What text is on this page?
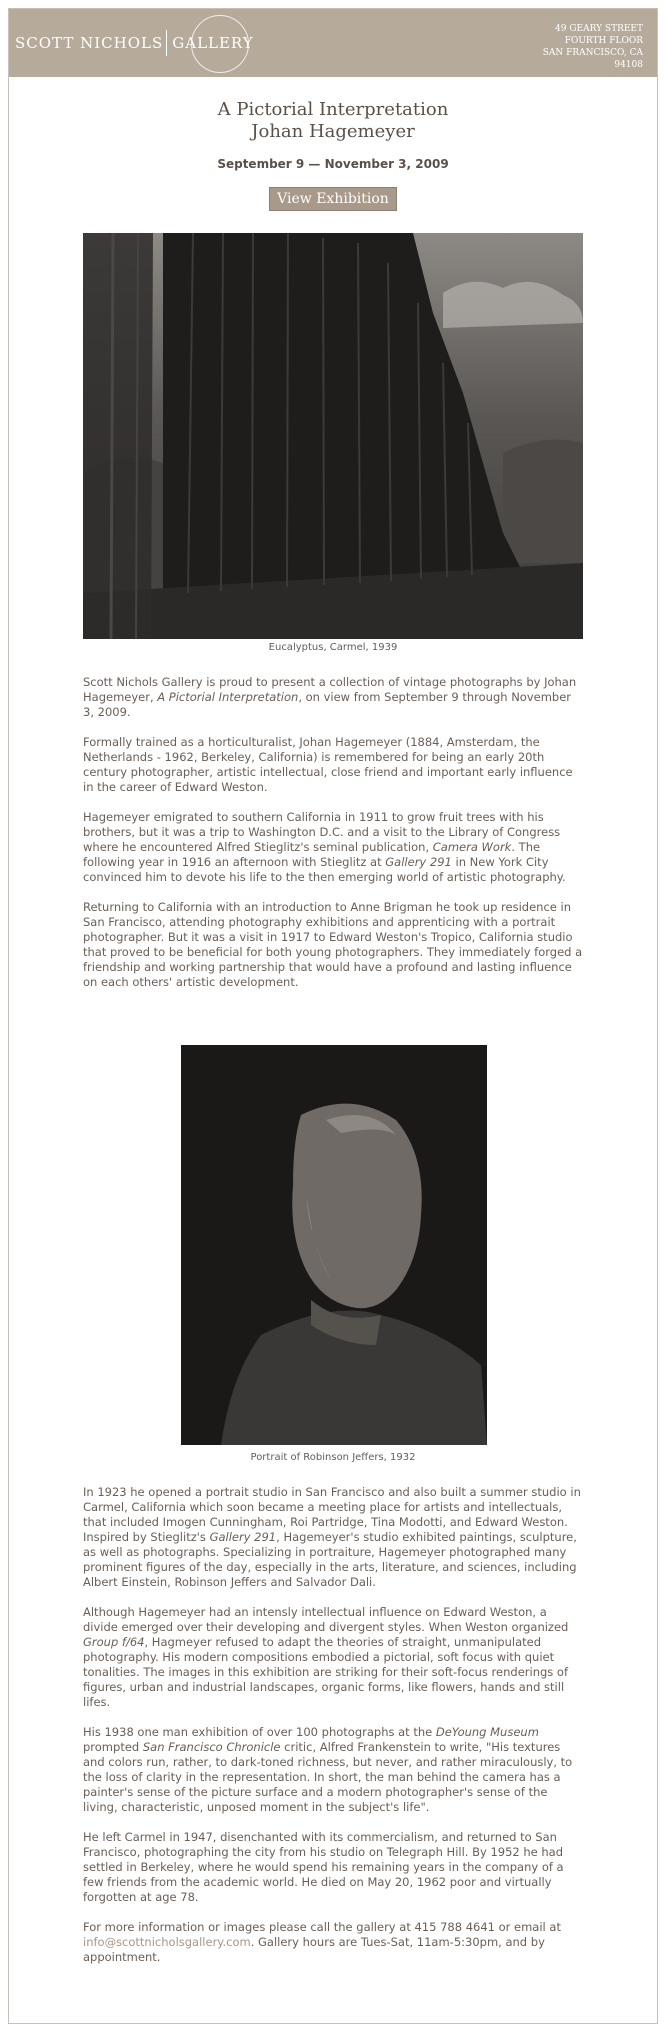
SCOTT NICHOLS GALLERY
49 GEARY STREET
FOURTH FLOOR
SAN FRANCISCO, CA
94108
A Pictorial Interpretation
Johan Hagemeyer
September 9 — November 3, 2009
View Exhibition
Eucalyptus, Carmel, 1939

Scott Nichols Gallery is proud to present a collection of vintage photographs by Johan Hagemeyer, A Pictorial Interpretation, on view from September 9 through November 3, 2009.

Formally trained as a horticulturalist, Johan Hagemeyer (1884, Amsterdam, the Netherlands - 1962, Berkeley, California) is remembered for being an early 20th century photographer, artistic intellectual, close friend and important early influence in the career of Edward Weston.

Hagemeyer emigrated to southern California in 1911 to grow fruit trees with his brothers, but it was a trip to Washington D.C. and a visit to the Library of Congress where he encountered Alfred Stieglitz's seminal publication, Camera Work. The following year in 1916 an afternoon with Stieglitz at Gallery 291 in New York City convinced him to devote his life to the then emerging world of artistic photography.

Returning to California with an introduction to Anne Brigman he took up residence in San Francisco, attending photography exhibitions and apprenticing with a portrait photographer. But it was a visit in 1917 to Edward Weston's Tropico, California studio that proved to be beneficial for both young photographers. They immediately forged a friendship and working partnership that would have a profound and lasting influence on each others' artistic development.

Portrait of Robinson Jeffers, 1932

In 1923 he opened a portrait studio in San Francisco and also built a summer studio in Carmel, California which soon became a meeting place for artists and intellectuals, that included Imogen Cunningham, Roi Partridge, Tina Modotti, and Edward Weston. Inspired by Stieglitz's Gallery 291, Hagemeyer's studio exhibited paintings, sculpture, as well as photographs. Specializing in portraiture, Hagemeyer photographed many prominent figures of the day, especially in the arts, literature, and sciences, including Albert Einstein, Robinson Jeffers and Salvador Dali.

Although Hagemeyer had an intensly intellectual influence on Edward Weston, a divide emerged over their developing and divergent styles. When Weston organized Group f/64, Hagmeyer refused to adapt the theories of straight, unmanipulated photography. His modern compositions embodied a pictorial, soft focus with quiet tonalities. The images in this exhibition are striking for their soft-focus renderings of figures, urban and industrial landscapes, organic forms, like flowers, hands and still lifes.

His 1938 one man exhibition of over 100 photographs at the DeYoung Museum prompted San Francisco Chronicle critic, Alfred Frankenstein to write, "His textures and colors run, rather, to dark-toned richness, but never, and rather miraculously, to the loss of clarity in the representation. In short, the man behind the camera has a painter's sense of the picture surface and a modern photographer's sense of the living, characteristic, unposed moment in the subject's life".

He left Carmel in 1947, disenchanted with its commercialism, and returned to San Francisco, photographing the city from his studio on Telegraph Hill. By 1952 he had settled in Berkeley, where he would spend his remaining years in the company of a few friends from the academic world. He died on May 20, 1962 poor and virtually forgotten at age 78.

For more information or images please call the gallery at 415 788 4641 or email at info@scottnicholsgallery.com. Gallery hours are Tues-Sat, 11am-5:30pm, and by appointment.
